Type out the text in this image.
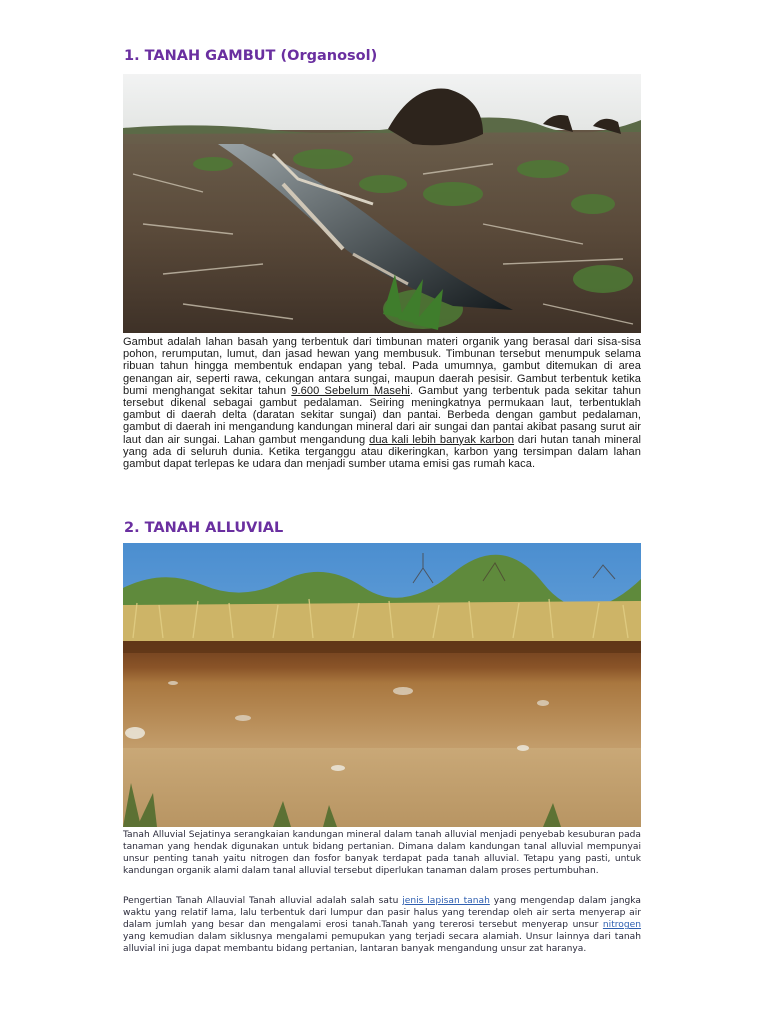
1. TANAH GAMBUT (Organosol)

Gambut adalah lahan basah yang terbentuk dari timbunan materi organik yang berasal dari sisa-sisa pohon, rerumputan, lumut, dan jasad hewan yang membusuk. Timbunan tersebut menumpuk selama ribuan tahun hingga membentuk endapan yang tebal. Pada umumnya, gambut ditemukan di area genangan air, seperti rawa, cekungan antara sungai, maupun daerah pesisir. Gambut terbentuk ketika bumi menghangat sekitar tahun 9.600 Sebelum Masehi. Gambut yang terbentuk pada sekitar tahun tersebut dikenal sebagai gambut pedalaman. Seiring meningkatnya permukaan laut, terbentuklah gambut di daerah delta (daratan sekitar sungai) dan pantai. Berbeda dengan gambut pedalaman, gambut di daerah ini mengandung kandungan mineral dari air sungai dan pantai akibat pasang surut air laut dan air sungai. Lahan gambut mengandung dua kali lebih banyak karbon dari hutan tanah mineral yang ada di seluruh dunia. Ketika terganggu atau dikeringkan, karbon yang tersimpan dalam lahan gambut dapat terlepas ke udara dan menjadi sumber utama emisi gas rumah kaca.

2. TANAH ALLUVIAL

Tanah Alluvial Sejatinya serangkaian kandungan mineral dalam tanah alluvial menjadi penyebab kesuburan pada tanaman yang hendak digunakan untuk bidang pertanian. Dimana dalam kandungan tanal alluvial mempunyai unsur penting tanah yaitu nitrogen dan fosfor banyak terdapat pada tanah alluvial. Tetapu yang pasti, untuk kandungan organik alami dalam tanal alluvial tersebut diperlukan tanaman dalam proses pertumbuhan.

Pengertian Tanah Allauvial Tanah alluvial adalah salah satu jenis lapisan tanah yang mengendap dalam jangka waktu yang relatif lama, lalu terbentuk dari lumpur dan pasir halus yang terendap oleh air serta menyerap air dalam jumlah yang besar dan mengalami erosi tanah.Tanah yang tererosi tersebut menyerap unsur nitrogen yang kemudian dalam siklusnya mengalami pemupukan yang terjadi secara alamiah. Unsur lainnya dari tanah alluvial ini juga dapat membantu bidang pertanian, lantaran banyak mengandung unsur zat haranya.
